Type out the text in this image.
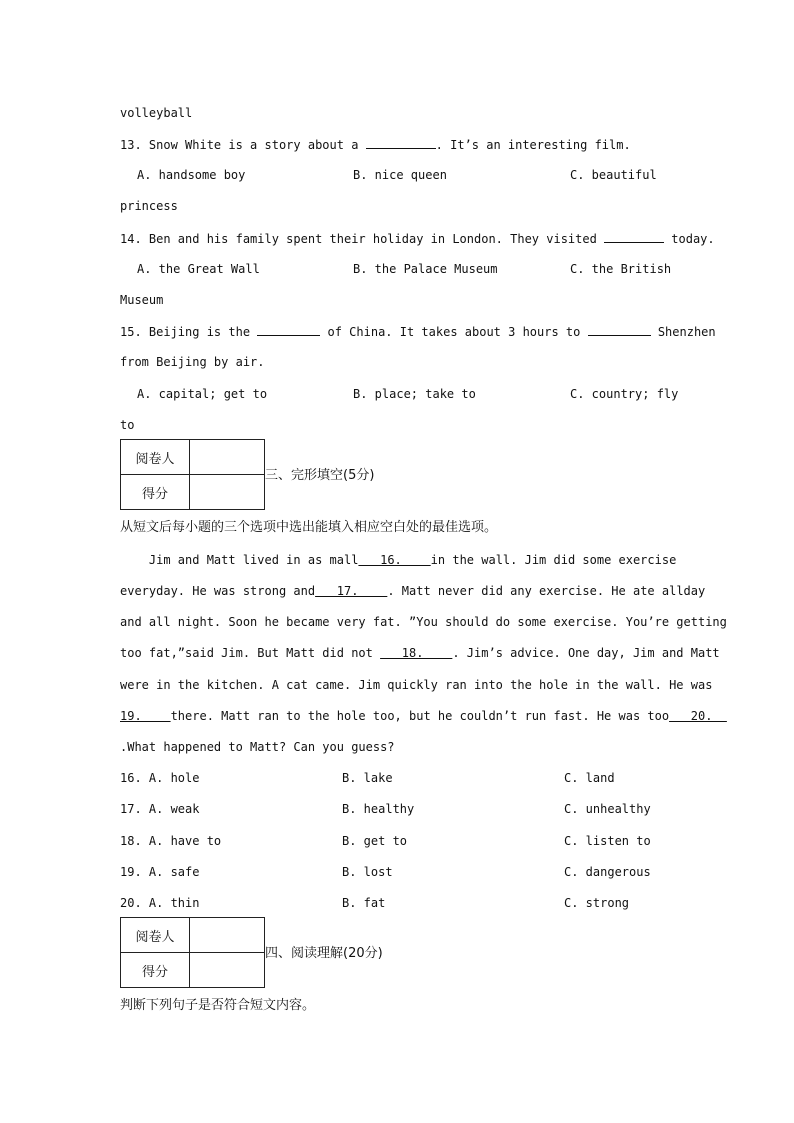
volleyball
13. Snow White is a story about a	. It’s an interesting film.
A. handsome boy	B. nice queen	C. beautiful
princess
14. Ben and his family spent their holiday in London. They visited	today.
A. the Great Wall	B. the Palace Museum	C. the British
Museum
15. Beijing is the	of China. It takes about 3 hours to	Shenzhen
from Beijing by air.
A. capital; get to	B. place; take to	C. country; fly
to
阅卷人	
得分	
三、完形填空(5分)
从短文后每小题的三个选项中选出能填入相应空白处的最佳选项。
Jim and Matt lived in as mall   16.    in the wall. Jim did some exercise
everyday. He was strong and   17.    . Matt never did any exercise. He ate allday
and all night. Soon he became very fat. ”You should do some exercise. You’re getting
too fat,”said Jim. But Matt did not    18.    . Jim’s advice. One day, Jim and Matt
were in the kitchen. A cat came. Jim quickly ran into the hole in the wall. He was
19.    there. Matt ran to the hole too, but he couldn’t run fast. He was too   20.
.What happened to Matt? Can you guess?
16. A. hole	B. lake	C. land
17. A. weak	B. healthy	C. unhealthy
18. A. have to	B. get to	C. listen to
19. A. safe	B. lost	C. dangerous
20. A. thin	B. fat	C. strong
阅卷人	
得分	
四、阅读理解(20分)
判断下列句子是否符合短文内容。
